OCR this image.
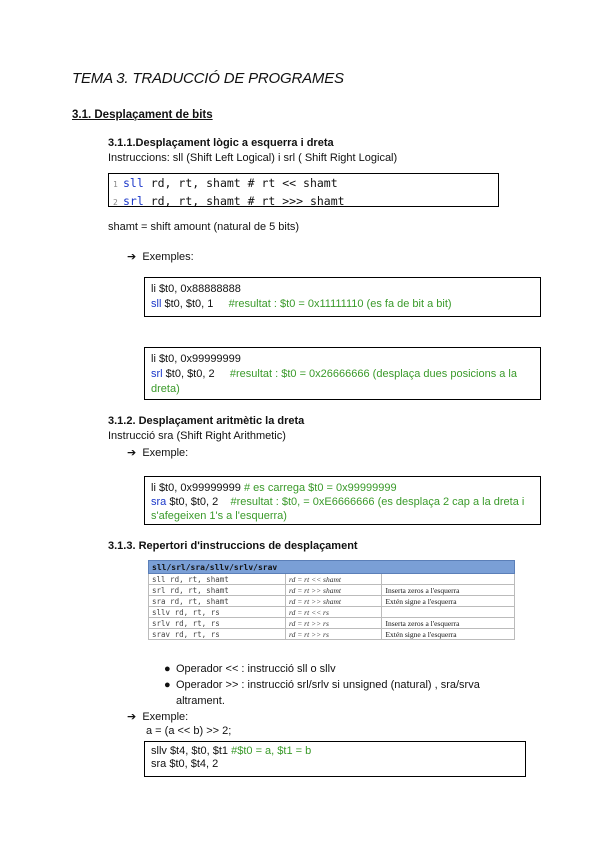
TEMA 3. TRADUCCIÓ DE PROGRAMES
3.1. Desplaçament de bits
3.1.1.Desplaçament lògic a esquerra i dreta
Instruccions: sll (Shift Left Logical) i srl ( Shift Right Logical)
1 sll rd, rt, shamt # rt << shamt
2 srl rd, rt, shamt # rt >>> shamt
shamt = shift amount (natural de 5 bits)
➔ Exemples:
li $t0, 0x88888888
sll $t0, $t0, 1 #resultat : $t0 = 0x11111110 (es fa de bit a bit)
li $t0, 0x99999999
srl $t0, $t0, 2 #resultat : $t0 = 0x26666666 (desplaça dues posicions a la dreta)
3.1.2. Desplaçament aritmètic la dreta
Instrucció sra (Shift Right Arithmetic)
➔ Exemple:
li $t0, 0x99999999 # es carrega $t0 = 0x99999999
sra $t0, $t0, 2 #resultat : $t0, = 0xE6666666 (es desplaça 2 cap a la dreta i s'afegeixen 1's a l'esquerra)
3.1.3. Repertori d'instruccions de desplaçament
sll/srl/sra/sllv/srlv/srav		
sll rd, rt, shamt	rd = rt << shamt	
srl rd, rt, shamt	rd = rt >> shamt	Inserta zeros a l'esquerra
sra rd, rt, shamt	rd = rt >> shamt	Extén signe a l'esquerra
sllv rd, rt, rs	rd = rt << rs	
srlv rd, rt, rs	rd = rt >> rs	Inserta zeros a l'esquerra
srav rd, rt, rs	rd = rt >> rs	Extén signe a l'esquerra
● Operador << : instrucció sll o sllv
● Operador >> : instrucció srl/srlv si unsigned (natural) , sra/srva altrament.
➔ Exemple:
a = (a << b) >> 2;
sllv $t4, $t0, $t1 #$t0 = a, $t1 = b
sra $t0, $t4, 2
